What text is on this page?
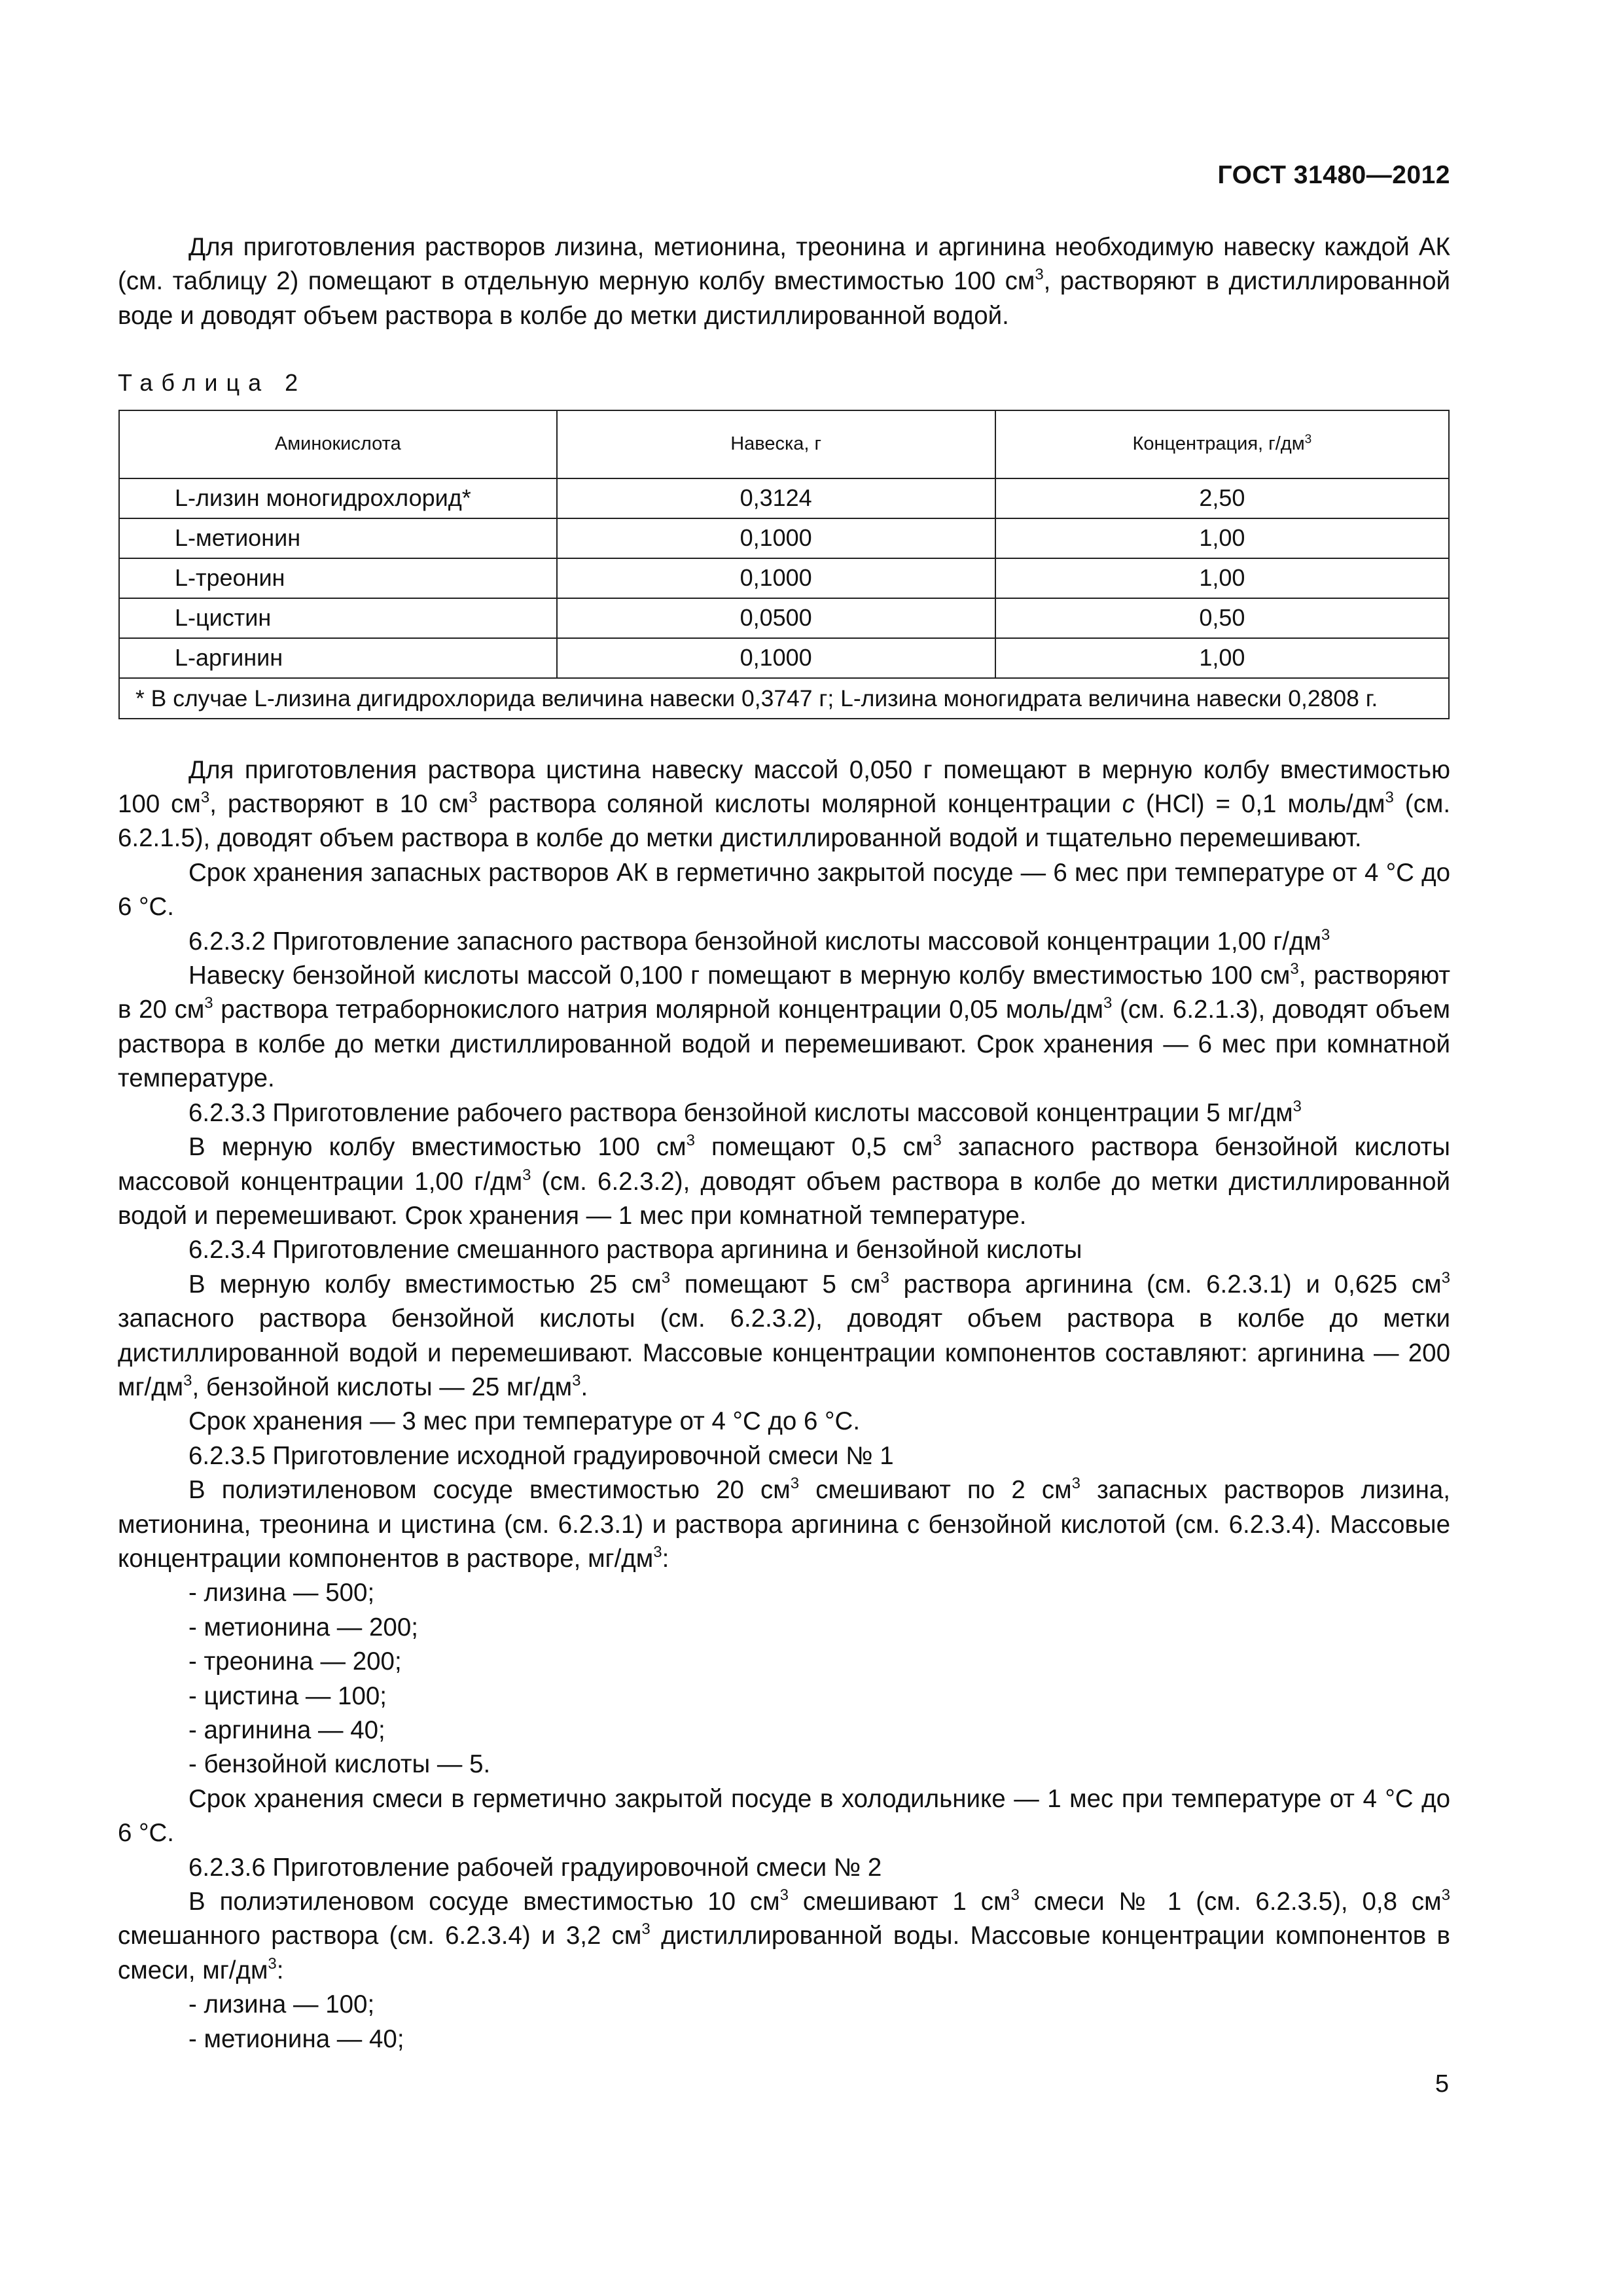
ГОСТ 31480—2012

Для приготовления растворов лизина, метионина, треонина и аргинина необходимую навеску каждой АК (см. таблицу 2) помещают в отдельную мерную колбу вместимостью 100 $см^3$, растворяют в дистиллированной воде и доводят объем раствора в колбе до метки дистиллированной водой.

Таблица 2
Аминокислота	Навеска, г	Концентрация, $г/дм^3$
L-лизин моногидрохлорид*	0,3124	2,50
L-метионин	0,1000	1,00
L-треонин	0,1000	1,00
L-цистин	0,0500	0,50
L-аргинин	0,1000	1,00
* В случае L-лизина дигидрохлорида величина навески 0,3747 г; L-лизина моногидрата величина навески 0,2808 г.		

Для приготовления раствора цистина навеску массой 0,050 г помещают в мерную колбу вместимостью 100 $см^3$, растворяют в 10 $см^3$ раствора соляной кислоты молярной концентрации c (HCl) = 0,1 моль/$дм^3$ (см. 6.2.1.5), доводят объем раствора в колбе до метки дистиллированной водой и тщательно перемешивают.

Срок хранения запасных растворов АК в герметично закрытой посуде — 6 мес при температуре от 4 °С до 6 °С.

6.2.3.2 Приготовление запасного раствора бензойной кислоты массовой концентрации 1,00 $г/дм^3$

Навеску бензойной кислоты массой 0,100 г помещают в мерную колбу вместимостью 100 $см^3$, растворяют в 20 $см^3$ раствора тетраборнокислого натрия молярной концентрации 0,05 моль/$дм^3$ (см. 6.2.1.3), доводят объем раствора в колбе до метки дистиллированной водой и перемешивают. Срок хранения — 6 мес при комнатной температуре.

6.2.3.3 Приготовление рабочего раствора бензойной кислоты массовой концентрации 5 $мг/дм^3$

В мерную колбу вместимостью 100 $см^3$ помещают 0,5 $см^3$ запасного раствора бензойной кислоты массовой концентрации 1,00 $г/дм^3$ (см. 6.2.3.2), доводят объем раствора в колбе до метки дистиллированной водой и перемешивают. Срок хранения — 1 мес при комнатной температуре.

6.2.3.4 Приготовление смешанного раствора аргинина и бензойной кислоты

В мерную колбу вместимостью 25 $см^3$ помещают 5 $см^3$ раствора аргинина (см. 6.2.3.1) и 0,625 $см^3$ запасного раствора бензойной кислоты (см. 6.2.3.2), доводят объем раствора в колбе до метки дистиллированной водой и перемешивают. Массовые концентрации компонентов составляют: аргинина — 200 $мг/дм^3$, бензойной кислоты — 25 $мг/дм^3$.

Срок хранения — 3 мес при температуре от 4 °С до 6 °С.

6.2.3.5 Приготовление исходной градуировочной смеси № 1

В полиэтиленовом сосуде вместимостью 20 $см^3$ смешивают по 2 $см^3$ запасных растворов лизина, метионина, треонина и цистина (см. 6.2.3.1) и раствора аргинина с бензойной кислотой (см. 6.2.3.4). Массовые концентрации компонентов в растворе, $мг/дм^3$:

- лизина — 500;

- метионина — 200;

- треонина — 200;

- цистина — 100;

- аргинина — 40;

- бензойной кислоты — 5.

Срок хранения смеси в герметично закрытой посуде в холодильнике — 1 мес при температуре от 4 °С до 6 °С.

6.2.3.6 Приготовление рабочей градуировочной смеси № 2

В полиэтиленовом сосуде вместимостью 10 $см^3$ смешивают 1 $см^3$ смеси № 1 (см. 6.2.3.5), 0,8 $см^3$ смешанного раствора (см. 6.2.3.4) и 3,2 $см^3$ дистиллированной воды. Массовые концентрации компонентов в смеси, $мг/дм^3$:

- лизина — 100;

- метионина — 40;

5
